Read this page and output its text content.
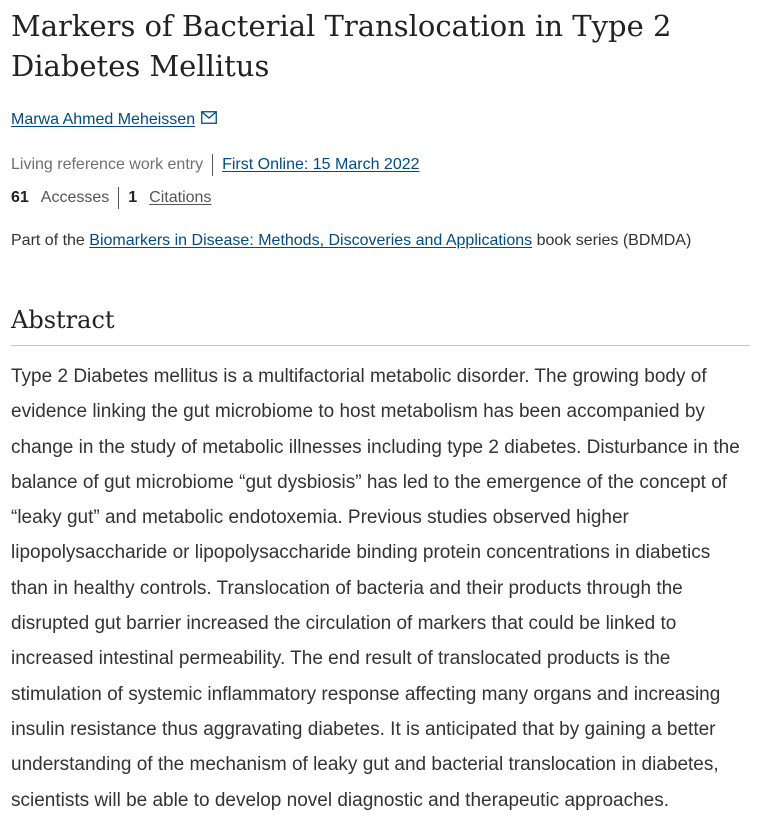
Markers of Bacterial Translocation in Type 2 Diabetes Mellitus
Marwa Ahmed Meheissen
Living reference work entry First Online: 15 March 2022
61 Accesses 1 Citations
Part of the Biomarkers in Disease: Methods, Discoveries and Applications book series (BDMDA)
Abstract

Type 2 Diabetes mellitus is a multifactorial metabolic disorder. The growing body of evidence linking the gut microbiome to host metabolism has been accompanied by change in the study of metabolic illnesses including type 2 diabetes. Disturbance in the balance of gut microbiome “gut dysbiosis” has led to the emergence of the concept of “leaky gut” and metabolic endotoxemia. Previous studies observed higher lipopolysaccharide or lipopolysaccharide binding protein concentrations in diabetics than in healthy controls. Translocation of bacteria and their products through the disrupted gut barrier increased the circulation of markers that could be linked to increased intestinal permeability. The end result of translocated products is the stimulation of systemic inflammatory response affecting many organs and increasing insulin resistance thus aggravating diabetes. It is anticipated that by gaining a better understanding of the mechanism of leaky gut and bacterial translocation in diabetes, scientists will be able to develop novel diagnostic and therapeutic approaches.
